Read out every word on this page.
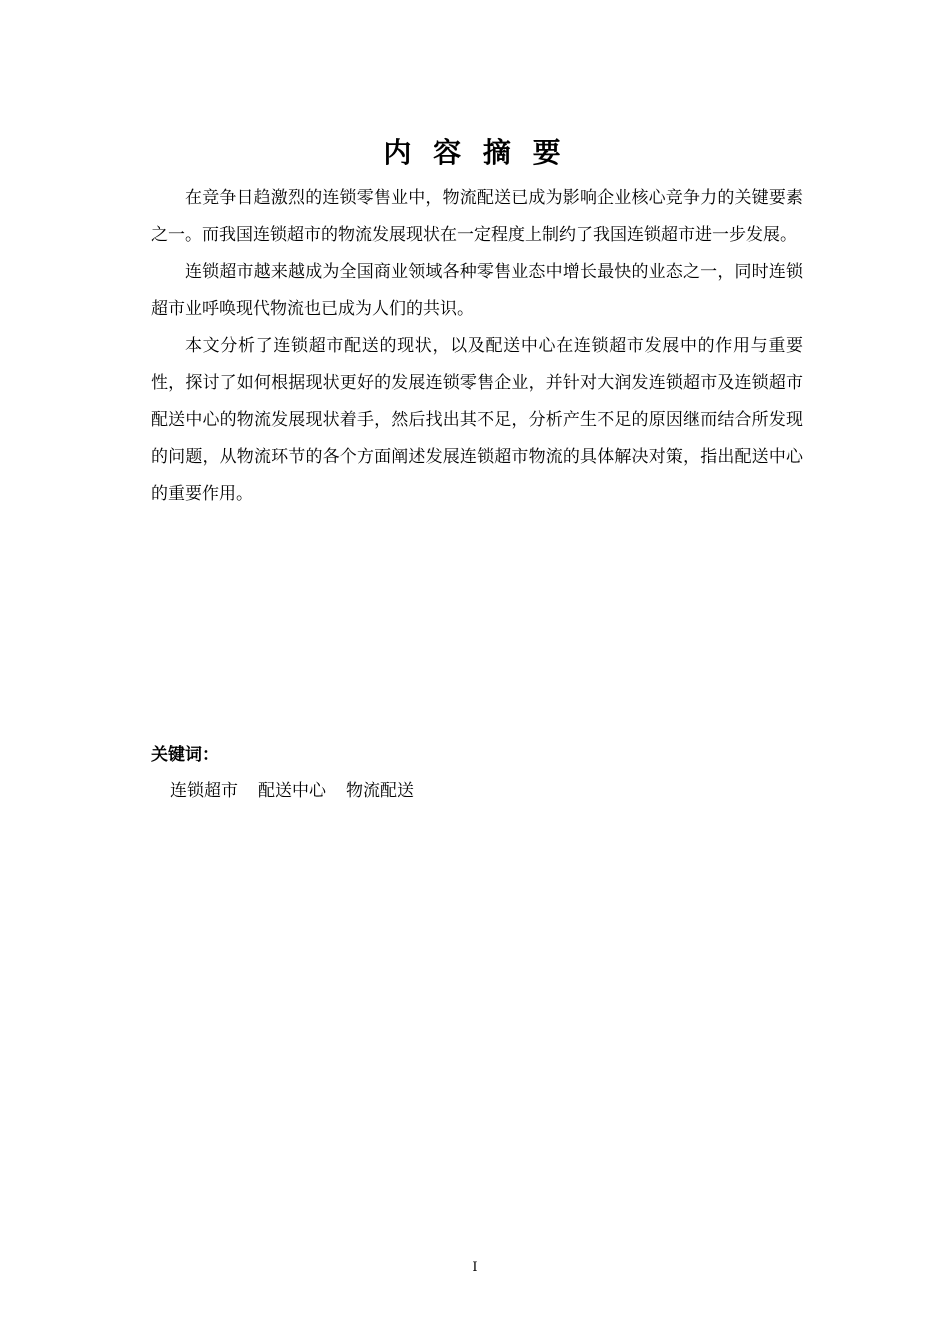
内 容 摘 要

在竞争日趋激烈的连锁零售业中，物流配送已成为影响企业核心竞争力的关键要素之一。而我国连锁超市的物流发展现状在一定程度上制约了我国连锁超市进一步发展。

连锁超市越来越成为全国商业领域各种零售业态中增长最快的业态之一，同时连锁超市业呼唤现代物流也已成为人们的共识。

本文分析了连锁超市配送的现状，以及配送中心在连锁超市发展中的作用与重要性，探讨了如何根据现状更好的发展连锁零售企业，并针对大润发连锁超市及连锁超市配送中心的物流发展现状着手，然后找出其不足，分析产生不足的原因继而结合所发现的问题，从物流环节的各个方面阐述发展连锁超市物流的具体解决对策，指出配送中心的重要作用。

关键词：
连锁超市 配送中心 物流配送
I
